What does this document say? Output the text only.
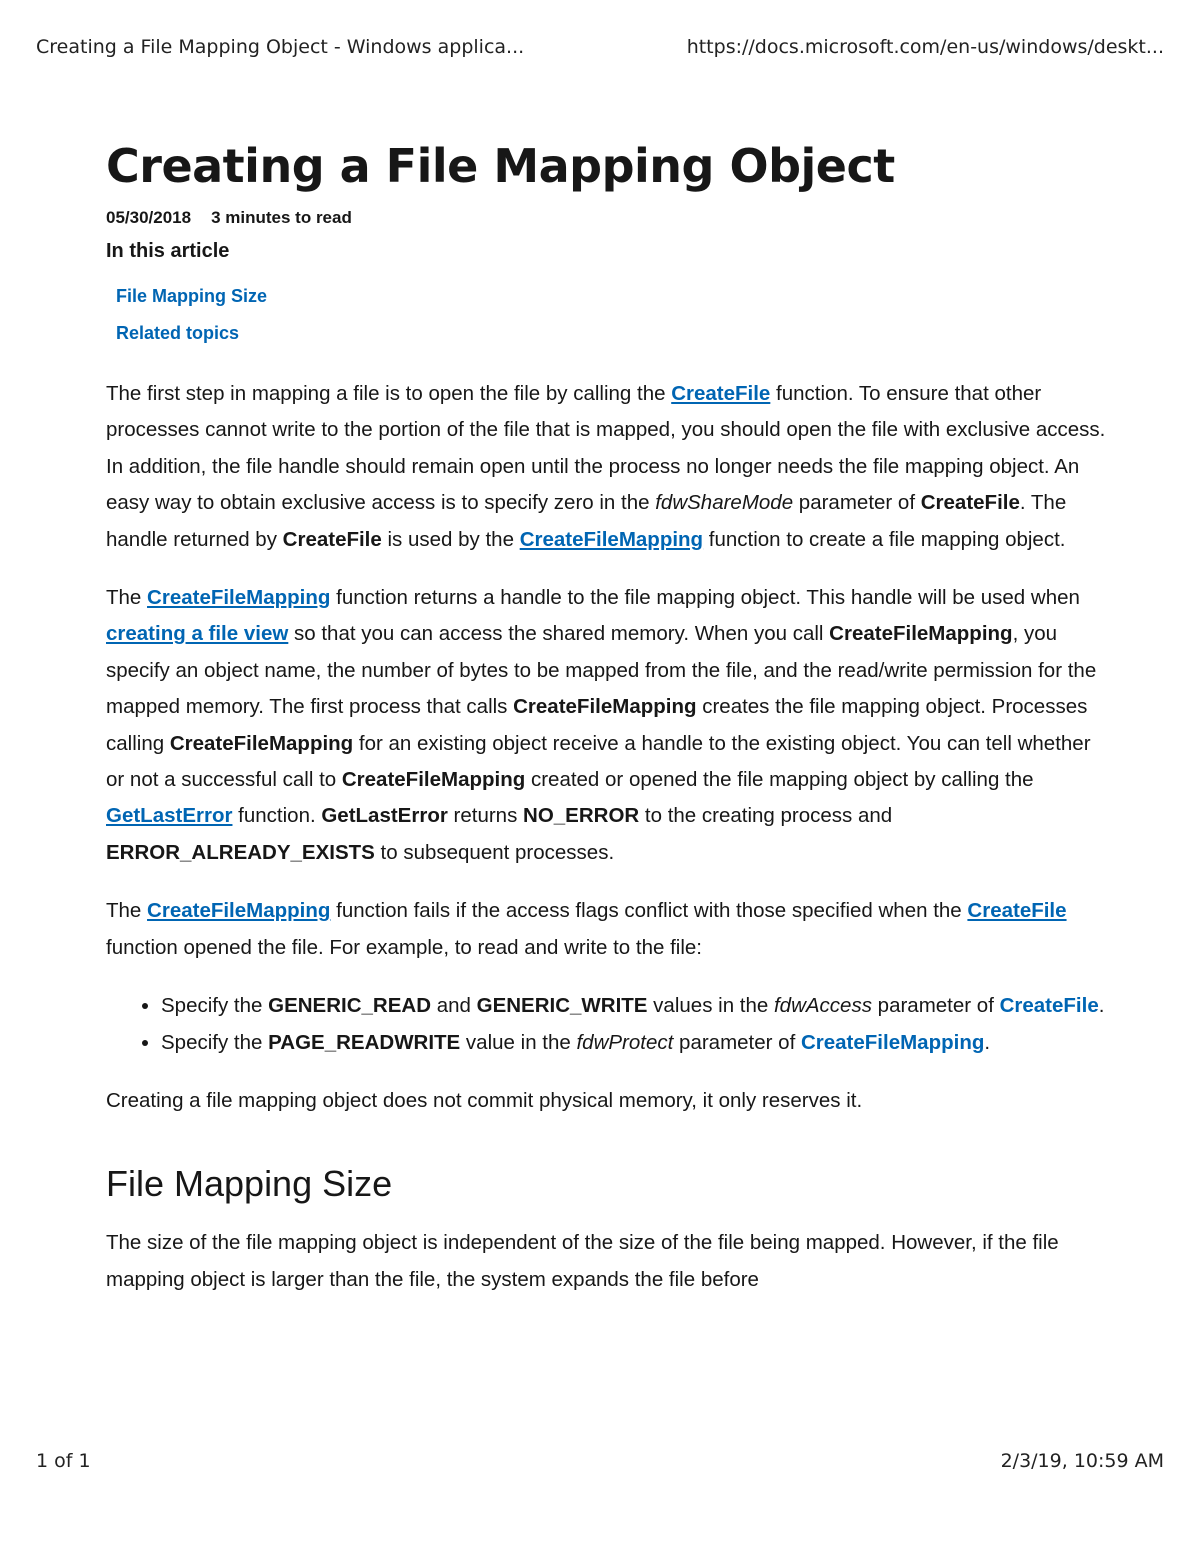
Creating a File Mapping Object - Windows applica...	https://docs.microsoft.com/en-us/windows/deskt...
Creating a File Mapping Object
05/30/2018 3 minutes to read
In this article
File Mapping Size
Related topics

The first step in mapping a file is to open the file by calling the CreateFile function. To ensure that other processes cannot write to the portion of the file that is mapped, you should open the file with exclusive access. In addition, the file handle should remain open until the process no longer needs the file mapping object. An easy way to obtain exclusive access is to specify zero in the fdwShareMode parameter of CreateFile. The handle returned by CreateFile is used by the CreateFileMapping function to create a file mapping object.

The CreateFileMapping function returns a handle to the file mapping object. This handle will be used when creating a file view so that you can access the shared memory. When you call CreateFileMapping, you specify an object name, the number of bytes to be mapped from the file, and the read/write permission for the mapped memory. The first process that calls CreateFileMapping creates the file mapping object. Processes calling CreateFileMapping for an existing object receive a handle to the existing object. You can tell whether or not a successful call to CreateFileMapping created or opened the file mapping object by calling the GetLastError function. GetLastError returns NO_ERROR to the creating process and ERROR_ALREADY_EXISTS to subsequent processes.

The CreateFileMapping function fails if the access flags conflict with those specified when the CreateFile function opened the file. For example, to read and write to the file:

• Specify the GENERIC_READ and GENERIC_WRITE values in the fdwAccess parameter of CreateFile.
• Specify the PAGE_READWRITE value in the fdwProtect parameter of CreateFileMapping.

Creating a file mapping object does not commit physical memory, it only reserves it.

File Mapping Size

The size of the file mapping object is independent of the size of the file being mapped. However, if the file mapping object is larger than the file, the system expands the file before

1 of 1	2/3/19, 10:59 AM
